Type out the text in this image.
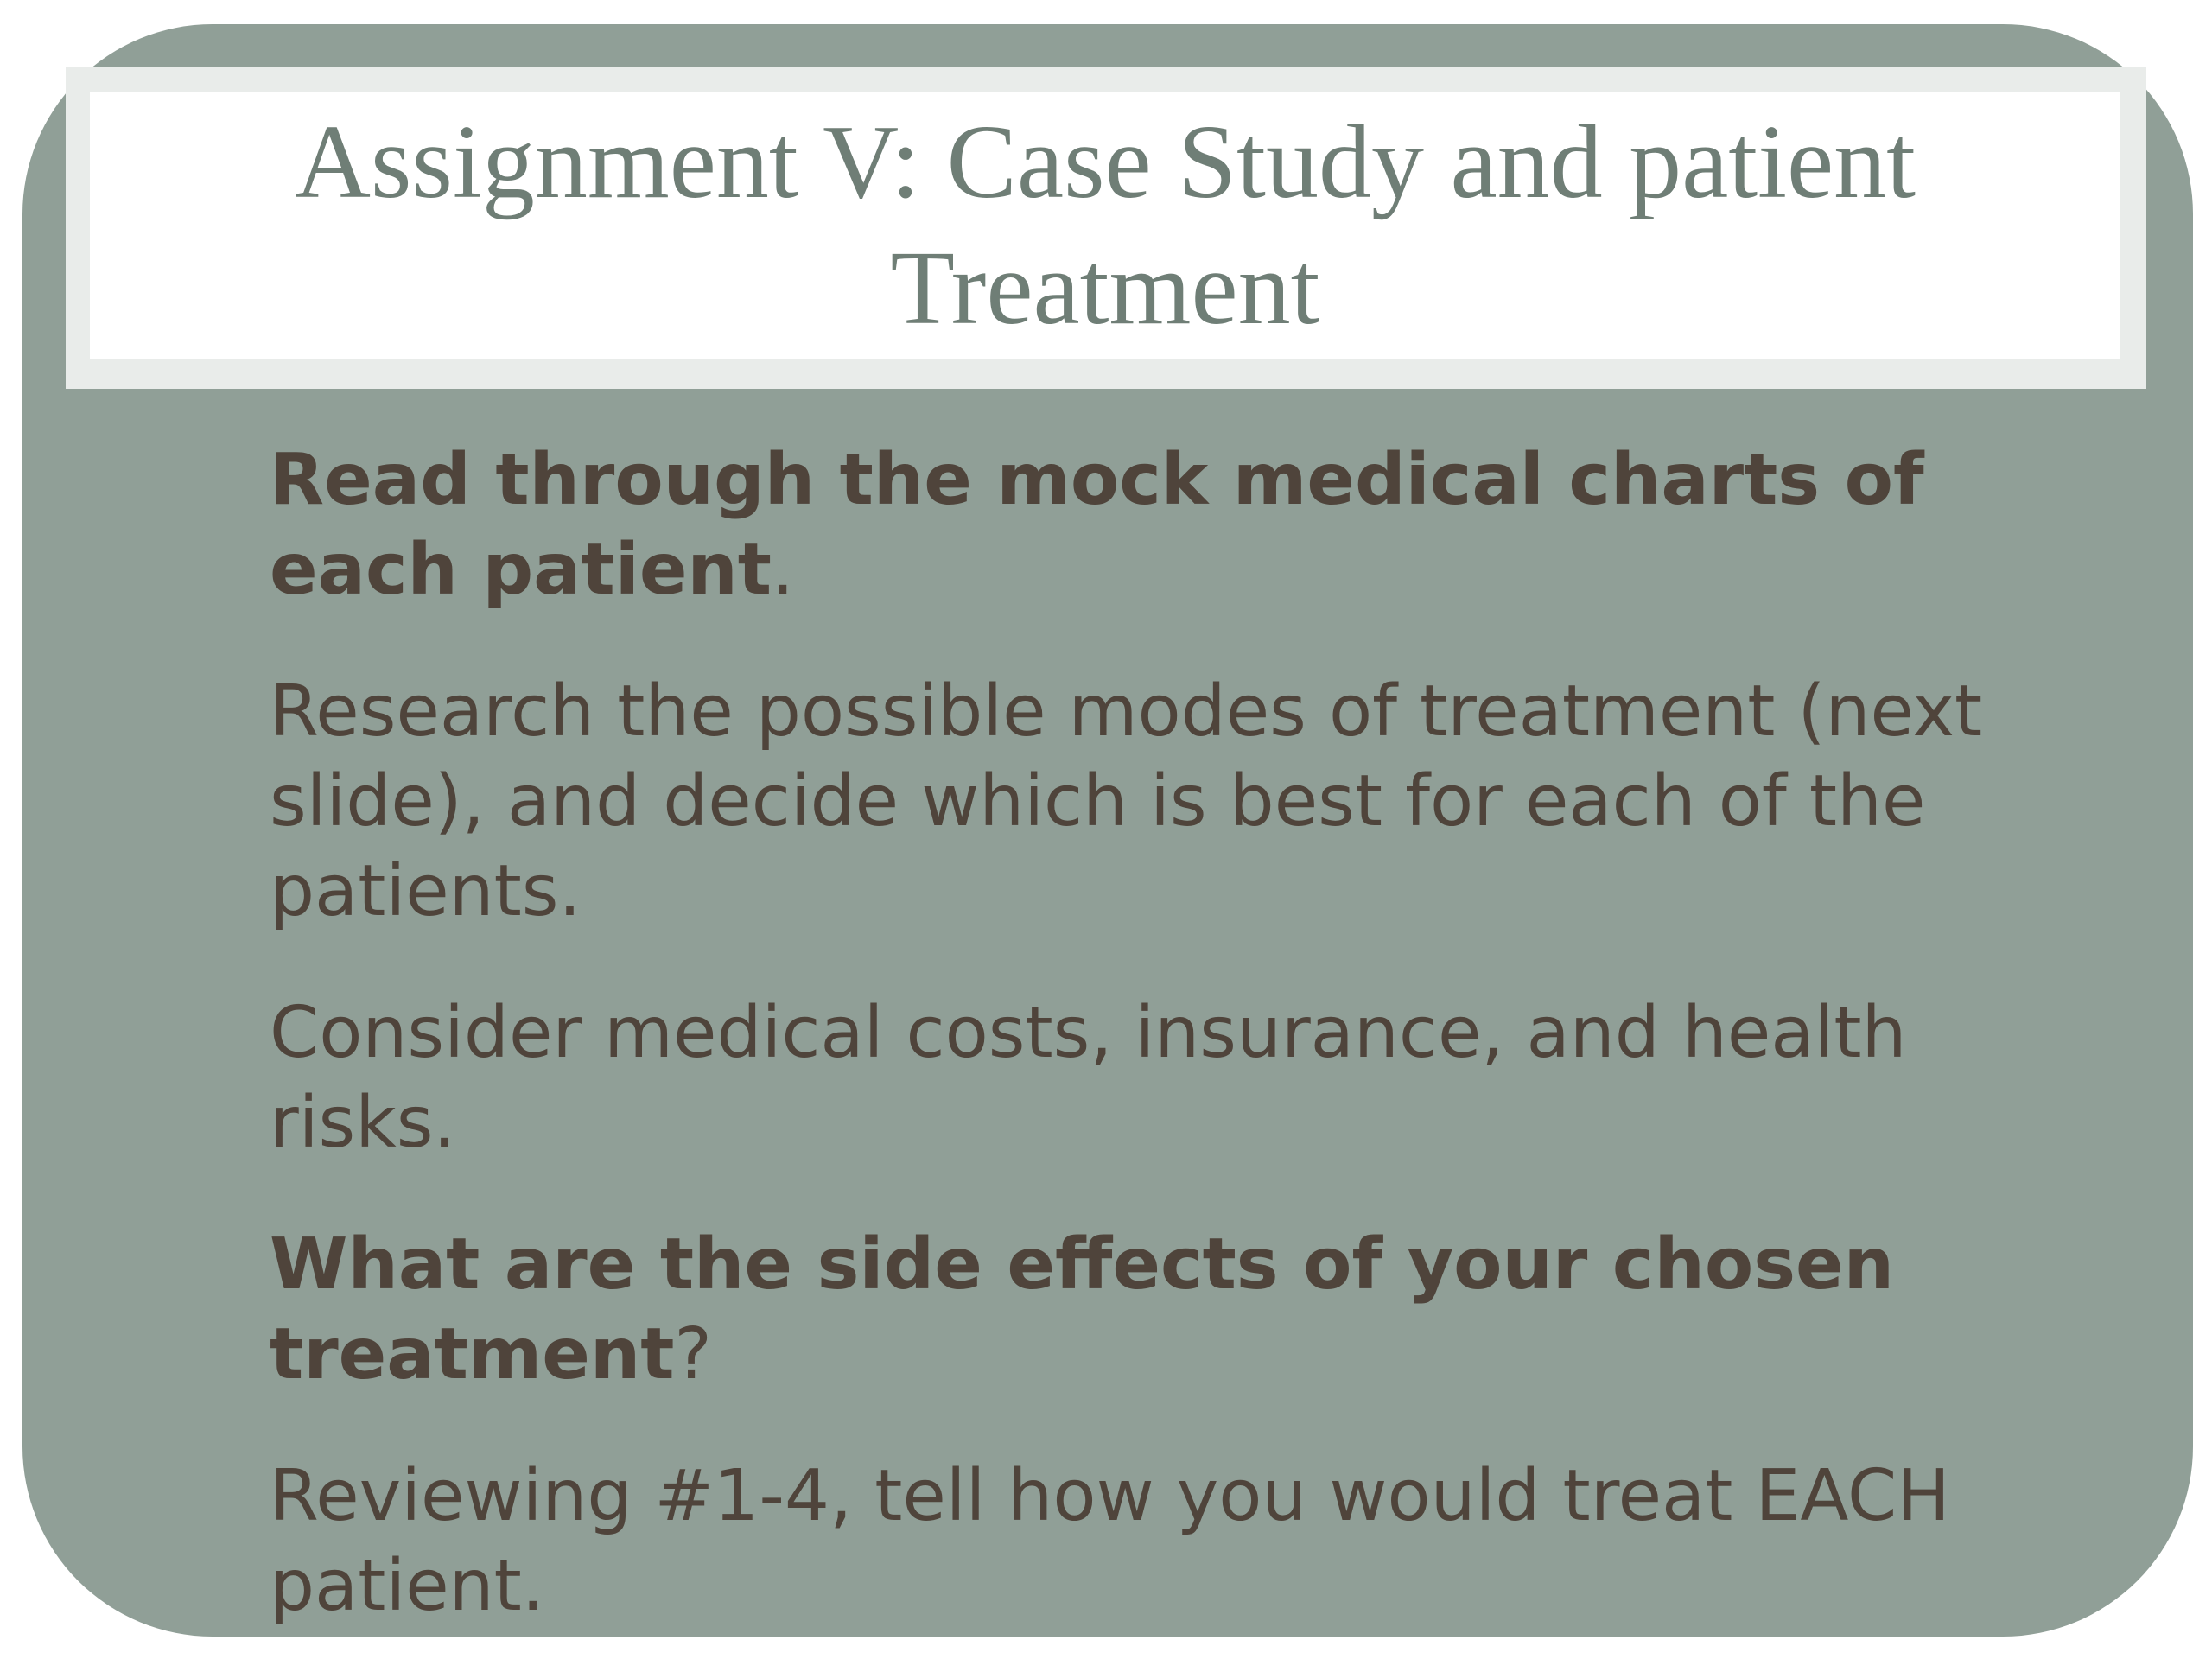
Assignment V: Case Study and patient Treatment

Read through the mock medical charts of each patient.

Research the possible modes of treatment (next slide), and decide which is best for each of the patients.

Consider medical costs, insurance, and health risks.

What are the side effects of your chosen treatment?

Reviewing #1-4, tell how you would treat EACH patient.
